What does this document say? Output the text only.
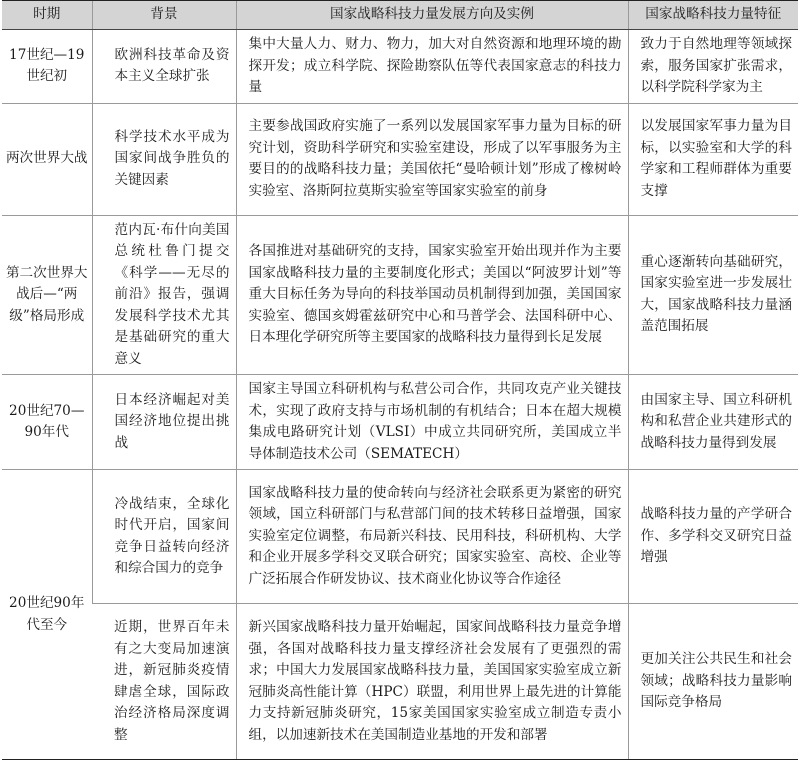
时期	背景	国家战略科技力量发展方向及实例	国家战略科技力量特征
17世纪—19世纪初	欧洲科技革命及资本主义全球扩张	集中大量人力、财力、物力，加大对自然资源和地理环境的勘探开发；成立科学院、探险勘察队伍等代表国家意志的科技力量	致力于自然地理等领域探索，服务国家扩张需求，以科学院科学家为主
两次世界大战	科学技术水平成为国家间战争胜负的关键因素	主要参战国政府实施了一系列以发展国家军事力量为目标的研究计划，资助科学研究和实验室建设，形成了以军事服务为主要目的的战略科技力量；美国依托“曼哈顿计划”形成了橡树岭实验室、洛斯阿拉莫斯实验室等国家实验室的前身	以发展国家军事力量为目标，以实验室和大学的科学家和工程师群体为重要支撑
第二次世界大战后—“两级”格局形成	范内瓦·布什向美国总统杜鲁门提交《科学——无尽的前沿》报告，强调发展科学技术尤其是基础研究的重大意义	各国推进对基础研究的支持，国家实验室开始出现并作为主要国家战略科技力量的主要制度化形式；美国以“阿波罗计划”等重大目标任务为导向的科技举国动员机制得到加强，美国国家实验室、德国亥姆霍兹研究中心和马普学会、法国科研中心、日本理化学研究所等主要国家的战略科技力量得到长足发展	重心逐渐转向基础研究，国家实验室进一步发展壮大，国家战略科技力量涵盖范围拓展
20世纪70—90年代	日本经济崛起对美国经济地位提出挑战	国家主导国立科研机构与私营公司合作，共同攻克产业关键技术，实现了政府支持与市场机制的有机结合；日本在超大规模集成电路研究计划（VLSI）中成立共同研究所，美国成立半导体制造技术公司（SEMATECH）	由国家主导、国立科研机构和私营企业共建形式的战略科技力量得到发展
20世纪90年代至今	冷战结束，全球化时代开启，国家间竞争日益转向经济和综合国力的竞争	国家战略科技力量的使命转向与经济社会联系更为紧密的研究领域，国立科研部门与私营部门间的技术转移日益增强，国家实验室定位调整，布局新兴科技、民用科技，科研机构、大学和企业开展多学科交叉联合研究；国家实验室、高校、企业等广泛拓展合作研发协议、技术商业化协议等合作途径	战略科技力量的产学研合作、多学科交叉研究日益增强
	近期，世界百年未有之大变局加速演进，新冠肺炎疫情肆虐全球，国际政治经济格局深度调整	新兴国家战略科技力量开始崛起，国家间战略科技力量竞争增强，各国对战略科技力量支撑经济社会发展有了更强烈的需求；中国大力发展国家战略科技力量，美国国家实验室成立新冠肺炎高性能计算（HPC）联盟，利用世界上最先进的计算能力支持新冠肺炎研究，15家美国国家实验室成立制造专责小组，以加速新技术在美国制造业基地的开发和部署	更加关注公共民生和社会领域；战略科技力量影响国际竞争格局
